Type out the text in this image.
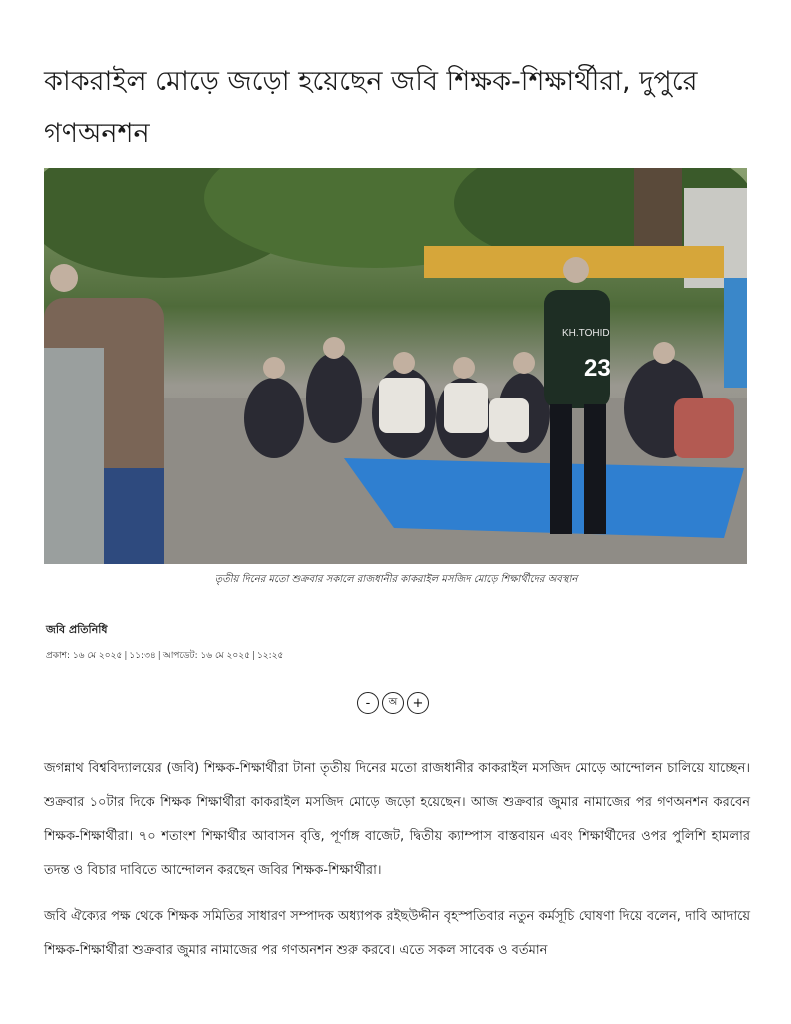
কাকরাইল মোড়ে জড়ো হয়েছেন জবি শিক্ষক-শিক্ষার্থীরা, দুপুরে গণঅনশন
KH.TOHID
23
তৃতীয় দিনের মতো শুক্রবার সকালে রাজধানীর কাকরাইল মসজিদ মোড়ে শিক্ষার্থীদের অবস্থান
জবি প্রতিনিধি
প্রকাশ: ১৬ মে ২০২৫ | ১১:৩৪ | আপডেট: ১৬ মে ২০২৫ | ১২:২৫
-	অ	+

জগন্নাথ বিশ্ববিদ্যালয়ের (জবি) শিক্ষক-শিক্ষার্থীরা টানা তৃতীয় দিনের মতো রাজধানীর কাকরাইল মসজিদ মোড়ে আন্দোলন চালিয়ে যাচ্ছেন। শুক্রবার ১০টার দিকে শিক্ষক শিক্ষার্থীরা কাকরাইল মসজিদ মোড়ে জড়ো হয়েছেন। আজ শুক্রবার জুমার নামাজের পর গণঅনশন করবেন শিক্ষক-শিক্ষার্থীরা। ৭০ শতাংশ শিক্ষার্থীর আবাসন বৃত্তি, পূর্ণাঙ্গ বাজেট, দ্বিতীয় ক্যাম্পাস বাস্তবায়ন এবং শিক্ষার্থীদের ওপর পুলিশি হামলার তদন্ত ও বিচার দাবিতে আন্দোলন করছেন জবির শিক্ষক-শিক্ষার্থীরা।

জবি ঐক্যের পক্ষ থেকে শিক্ষক সমিতির সাধারণ সম্পাদক অধ্যাপক রইছউদ্দীন বৃহস্পতিবার নতুন কর্মসূচি ঘোষণা দিয়ে বলেন, দাবি আদায়ে শিক্ষক-শিক্ষার্থীরা শুক্রবার জুমার নামাজের পর গণঅনশন শুরু করবে। এতে সকল সাবেক ও বর্তমান
